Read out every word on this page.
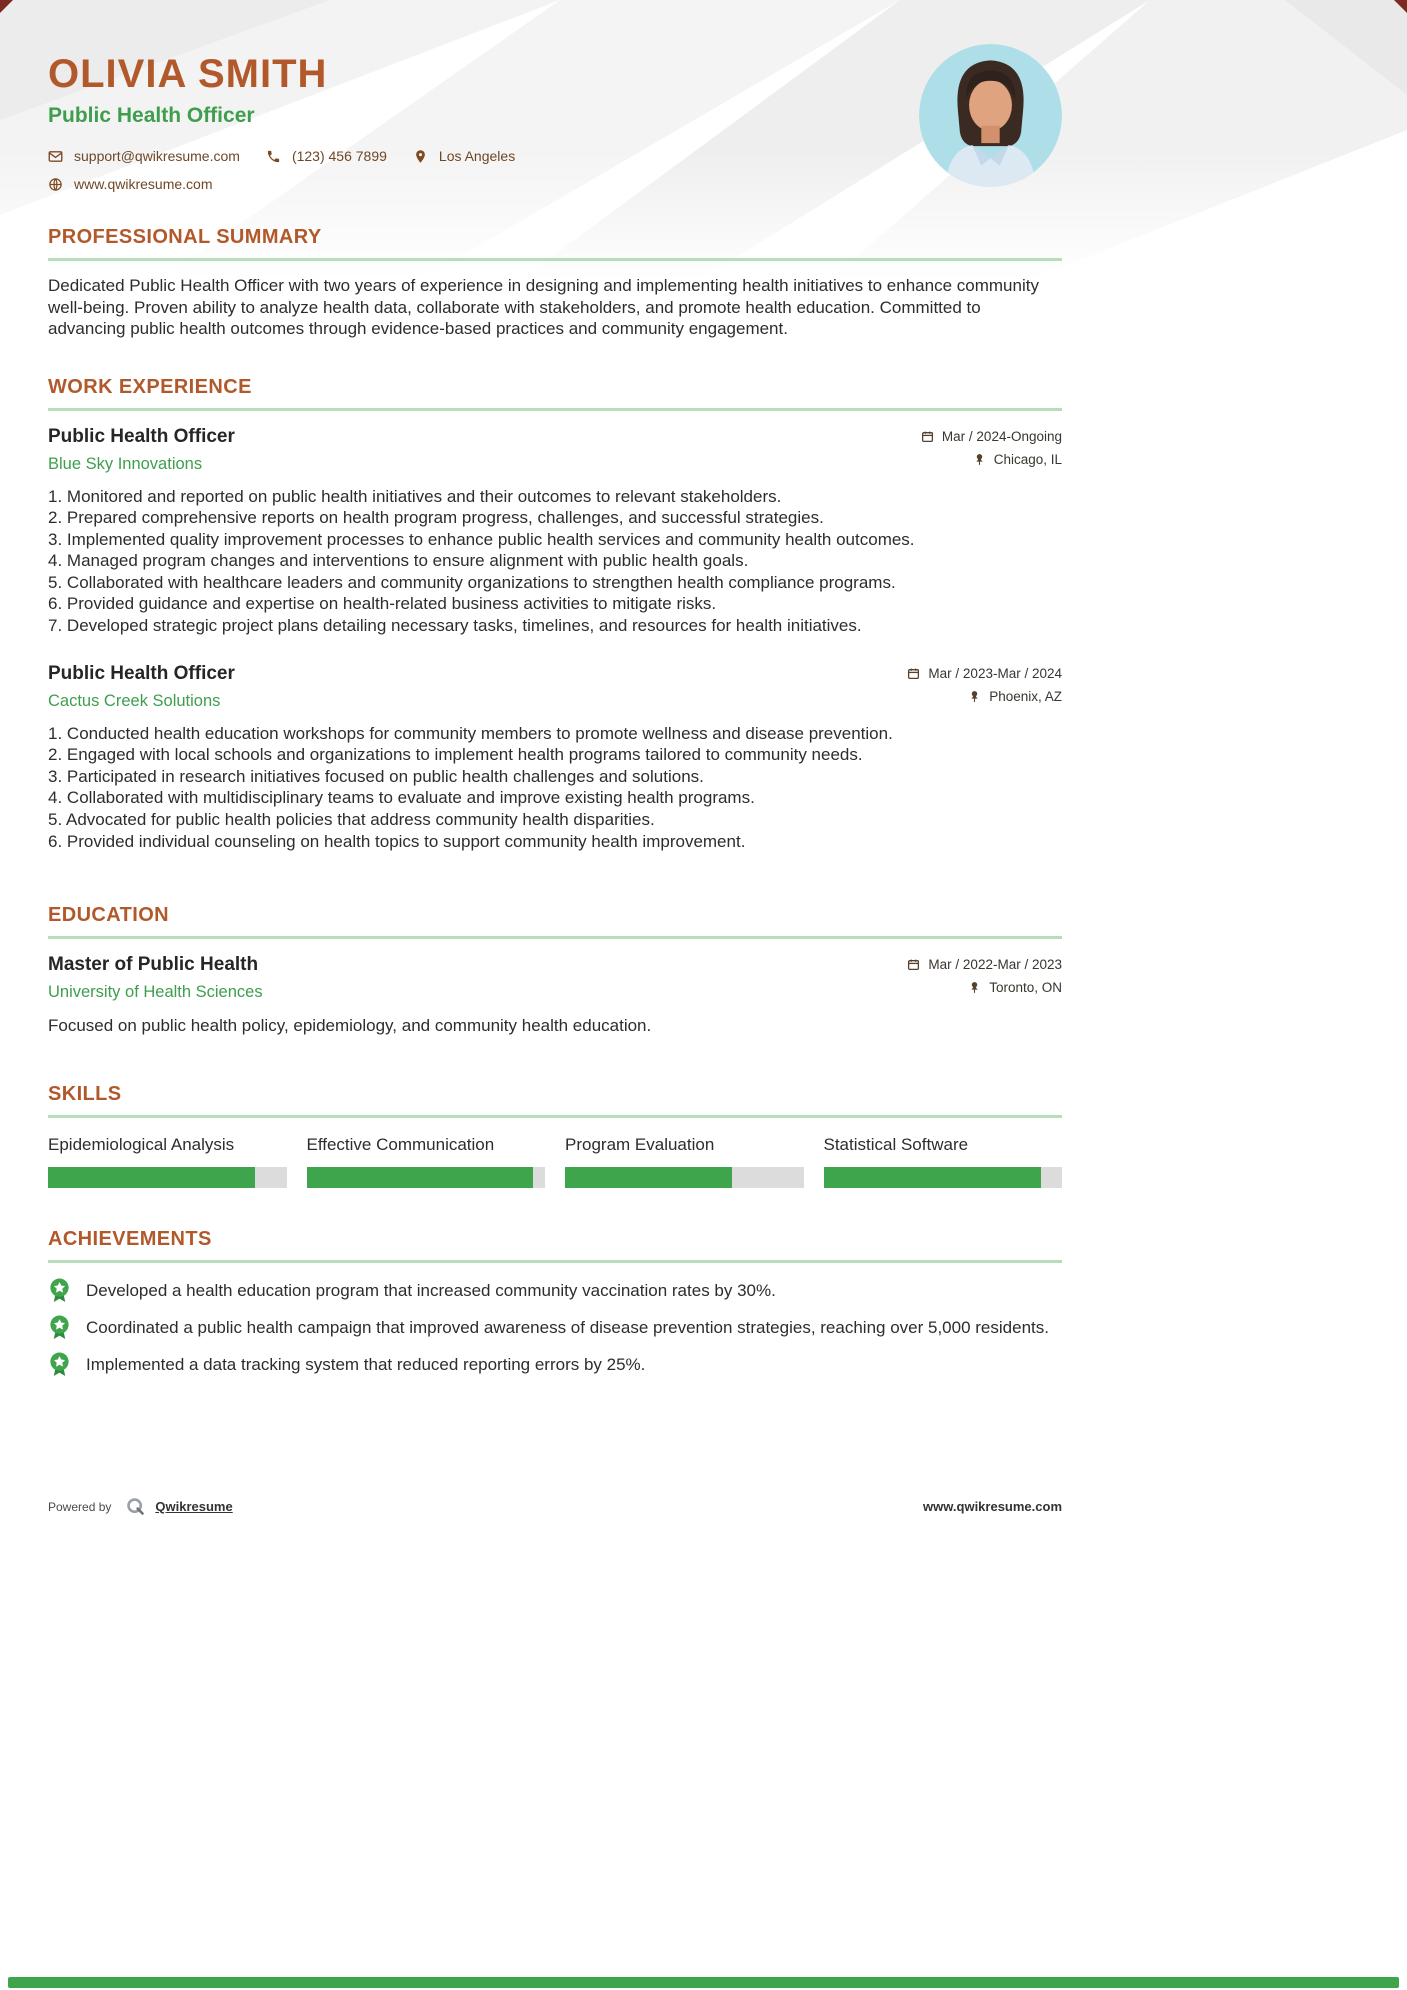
OLIVIA SMITH
Public Health Officer
support@qwikresume.com	(123) 456 7899	Los Angeles
www.qwikresume.com
PROFESSIONAL SUMMARY

Dedicated Public Health Officer with two years of experience in designing and implementing health initiatives to enhance community well-being. Proven ability to analyze health data, collaborate with stakeholders, and promote health education. Committed to advancing public health outcomes through evidence-based practices and community engagement.

WORK EXPERIENCE
Public Health Officer
Blue Sky Innovations
Mar / 2024-Ongoing
Chicago, IL
Monitored and reported on public health initiatives and their outcomes to relevant stakeholders.
Prepared comprehensive reports on health program progress, challenges, and successful strategies.
Implemented quality improvement processes to enhance public health services and community health outcomes.
Managed program changes and interventions to ensure alignment with public health goals.
Collaborated with healthcare leaders and community organizations to strengthen health compliance programs.
Provided guidance and expertise on health-related business activities to mitigate risks.
Developed strategic project plans detailing necessary tasks, timelines, and resources for health initiatives.
Public Health Officer
Cactus Creek Solutions
Mar / 2023-Mar / 2024
Phoenix, AZ
Conducted health education workshops for community members to promote wellness and disease prevention.
Engaged with local schools and organizations to implement health programs tailored to community needs.
Participated in research initiatives focused on public health challenges and solutions.
Collaborated with multidisciplinary teams to evaluate and improve existing health programs.
Advocated for public health policies that address community health disparities.
Provided individual counseling on health topics to support community health improvement.
EDUCATION
Master of Public Health
University of Health Sciences
Mar / 2022-Mar / 2023
Toronto, ON

Focused on public health policy, epidemiology, and community health education.

SKILLS
Epidemiological Analysis	Effective Communication	Program Evaluation	Statistical Software
ACHIEVEMENTS
Developed a health education program that increased community vaccination rates by 30%.
Coordinated a public health campaign that improved awareness of disease prevention strategies, reaching over 5,000 residents.
Implemented a data tracking system that reduced reporting errors by 25%.
Powered by	Qwikresume	www.qwikresume.com
